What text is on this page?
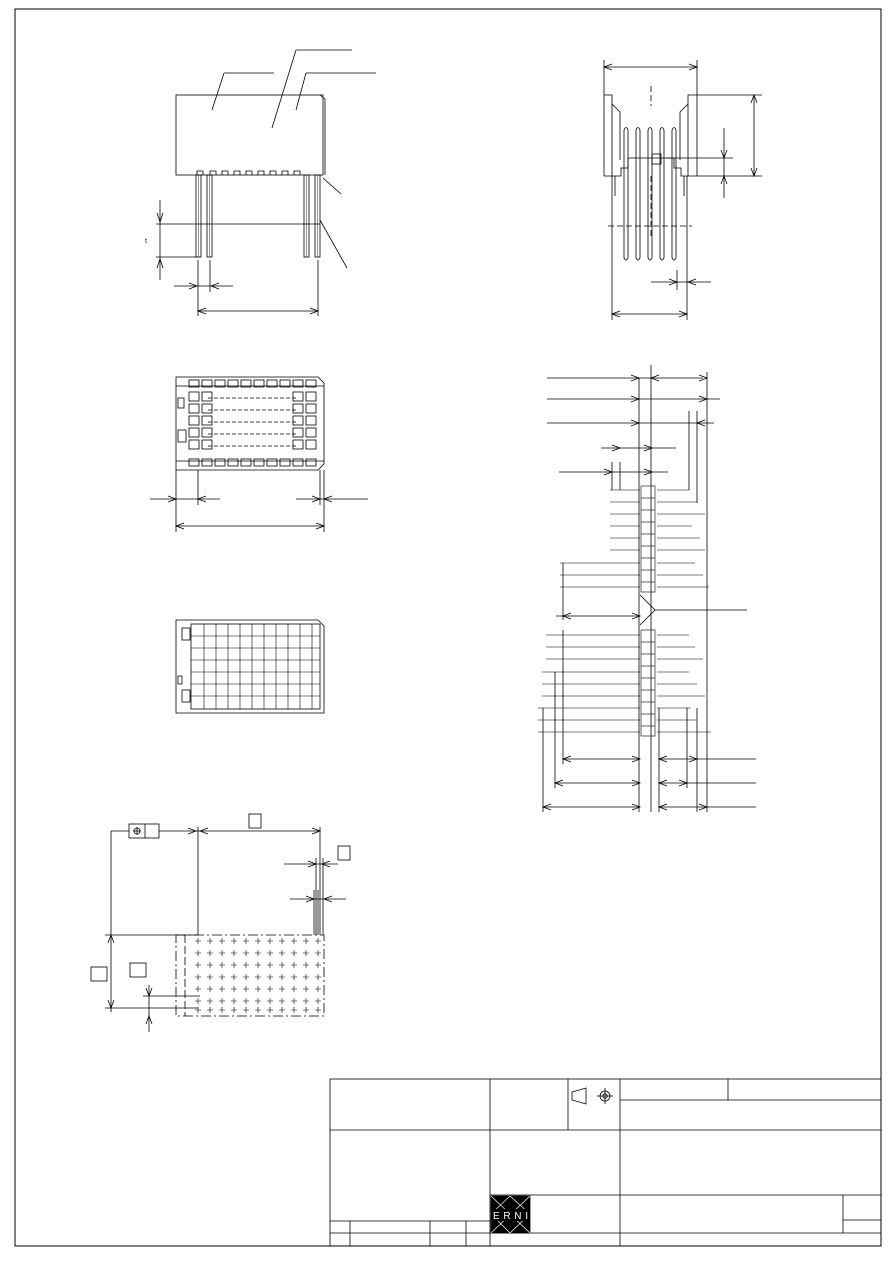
t
ERNI
